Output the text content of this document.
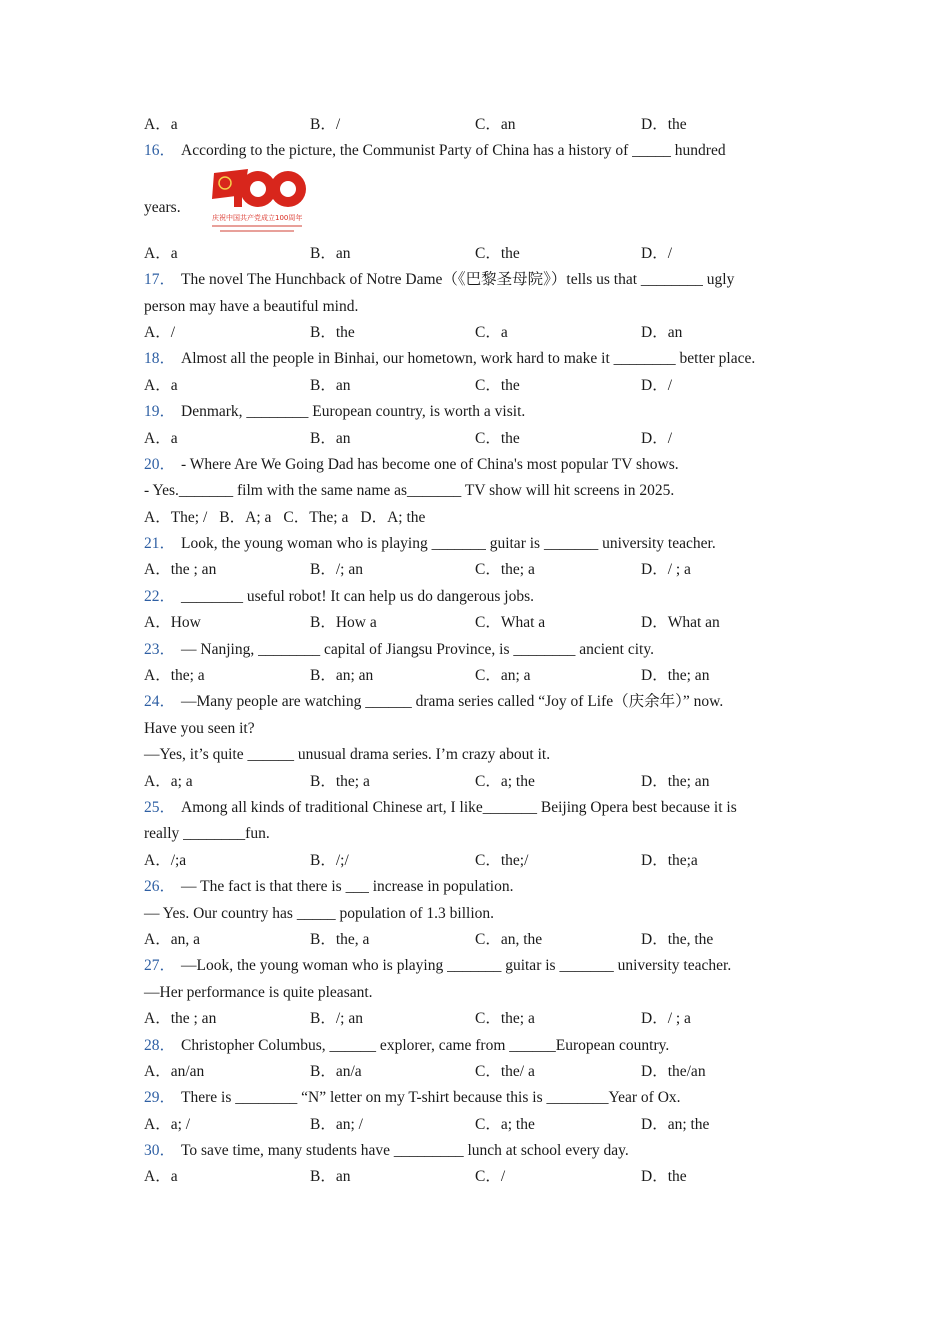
A．a	B．/	C．an	D．the
16． According to the picture, the Communist Party of China has a history of _____ hundred
years.
庆祝中国共产党成立100周年
A．a	B．an	C．the	D．/
17． The novel The Hunchback of Notre Dame（《巴黎圣母院》）tells us that ________ ugly
person may have a beautiful mind.
A．/	B．the	C．a	D．an
18． Almost all the people in Binhai, our hometown, work hard to make it ________ better place.
A．a	B．an	C．the	D．/
19． Denmark, ________ European country, is worth a visit.
A．a	B．an	C．the	D．/
20． - Where Are We Going Dad has become one of China's most popular TV shows.
- Yes._______ film with the same name as_______ TV show will hit screens in 2025.
A．The; / B．A; a C．The; a D．A; the
21． Look, the young woman who is playing _______ guitar is _______ university teacher.
A．the ; an	B．/; an	C．the; a	D．/ ; a
22． ________ useful robot! It can help us do dangerous jobs.
A．How	B．How a	C．What a	D．What an
23． — Nanjing, ________ capital of Jiangsu Province, is ________ ancient city.
A．the; a	B．an; an	C．an; a	D．the; an
24． —Many people are watching ______ drama series called “Joy of Life（庆余年）” now.
Have you seen it?
—Yes, it’s quite ______ unusual drama series. I’m crazy about it.
A．a; a	B．the; a	C．a; the	D．the; an
25． Among all kinds of traditional Chinese art, I like_______ Beijing Opera best because it is
really ________fun.
A．/;a	B．/;/	C．the;/	D．the;a
26． — The fact is that there is ___ increase in population.
— Yes. Our country has _____ population of 1.3 billion.
A．an, a	B．the, a	C．an, the	D．the, the
27． —Look, the young woman who is playing _______ guitar is _______ university teacher.
—Her performance is quite pleasant.
A．the ; an	B．/; an	C．the; a	D．/ ; a
28． Christopher Columbus, ______ explorer, came from ______European country.
A．an/an	B．an/a	C．the/ a	D．the/an
29． There is ________ “N” letter on my T-shirt because this is ________Year of Ox.
A．a; /	B．an; /	C．a; the	D．an; the
30． To save time, many students have _________ lunch at school every day.
A．a	B．an	C．/	D．the
